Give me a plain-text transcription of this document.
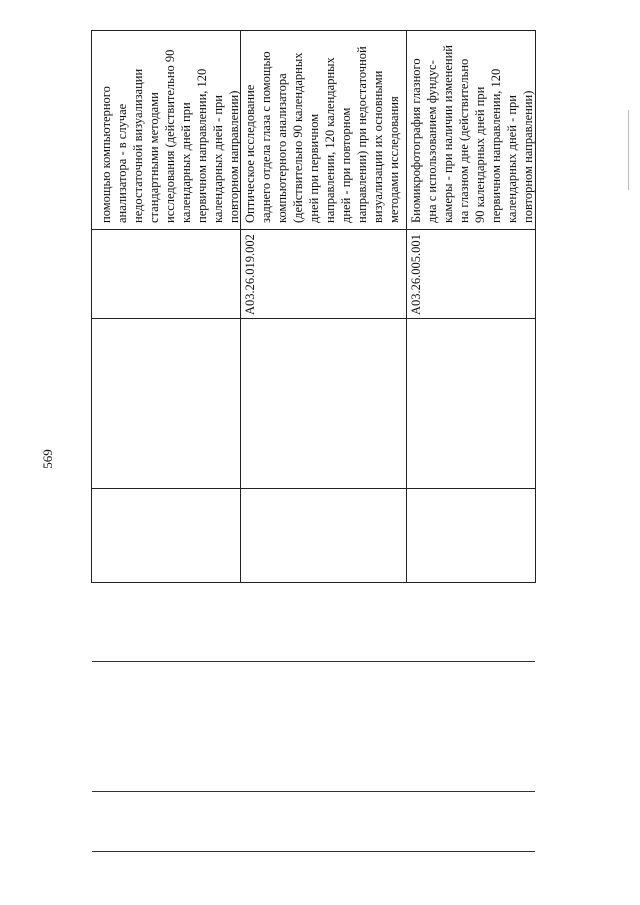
569
помощью компьютерного
анализатора - в случае
недостаточной визуализации
стандартными методами
исследования (действительно 90
календарных дней при
первичном направлении, 120
календарных дней - при
повторном направлении)
A03.26.019.002
Оптическое исследование
заднего отдела глаза с помощью
компьютерного анализатора
(действительно 90 календарных
дней при первичном
направлении, 120 календарных
дней - при повторном
направлении) при недостаточной
визуализации их основными
методами исследования
A03.26.005.001
Биомикрофотография глазного
дна с использованием фундус-
камеры - при наличии изменений
на глазном дне (действительно
90 календарных дней при
первичном направлении, 120
календарных дней - при
повторном направлении)
